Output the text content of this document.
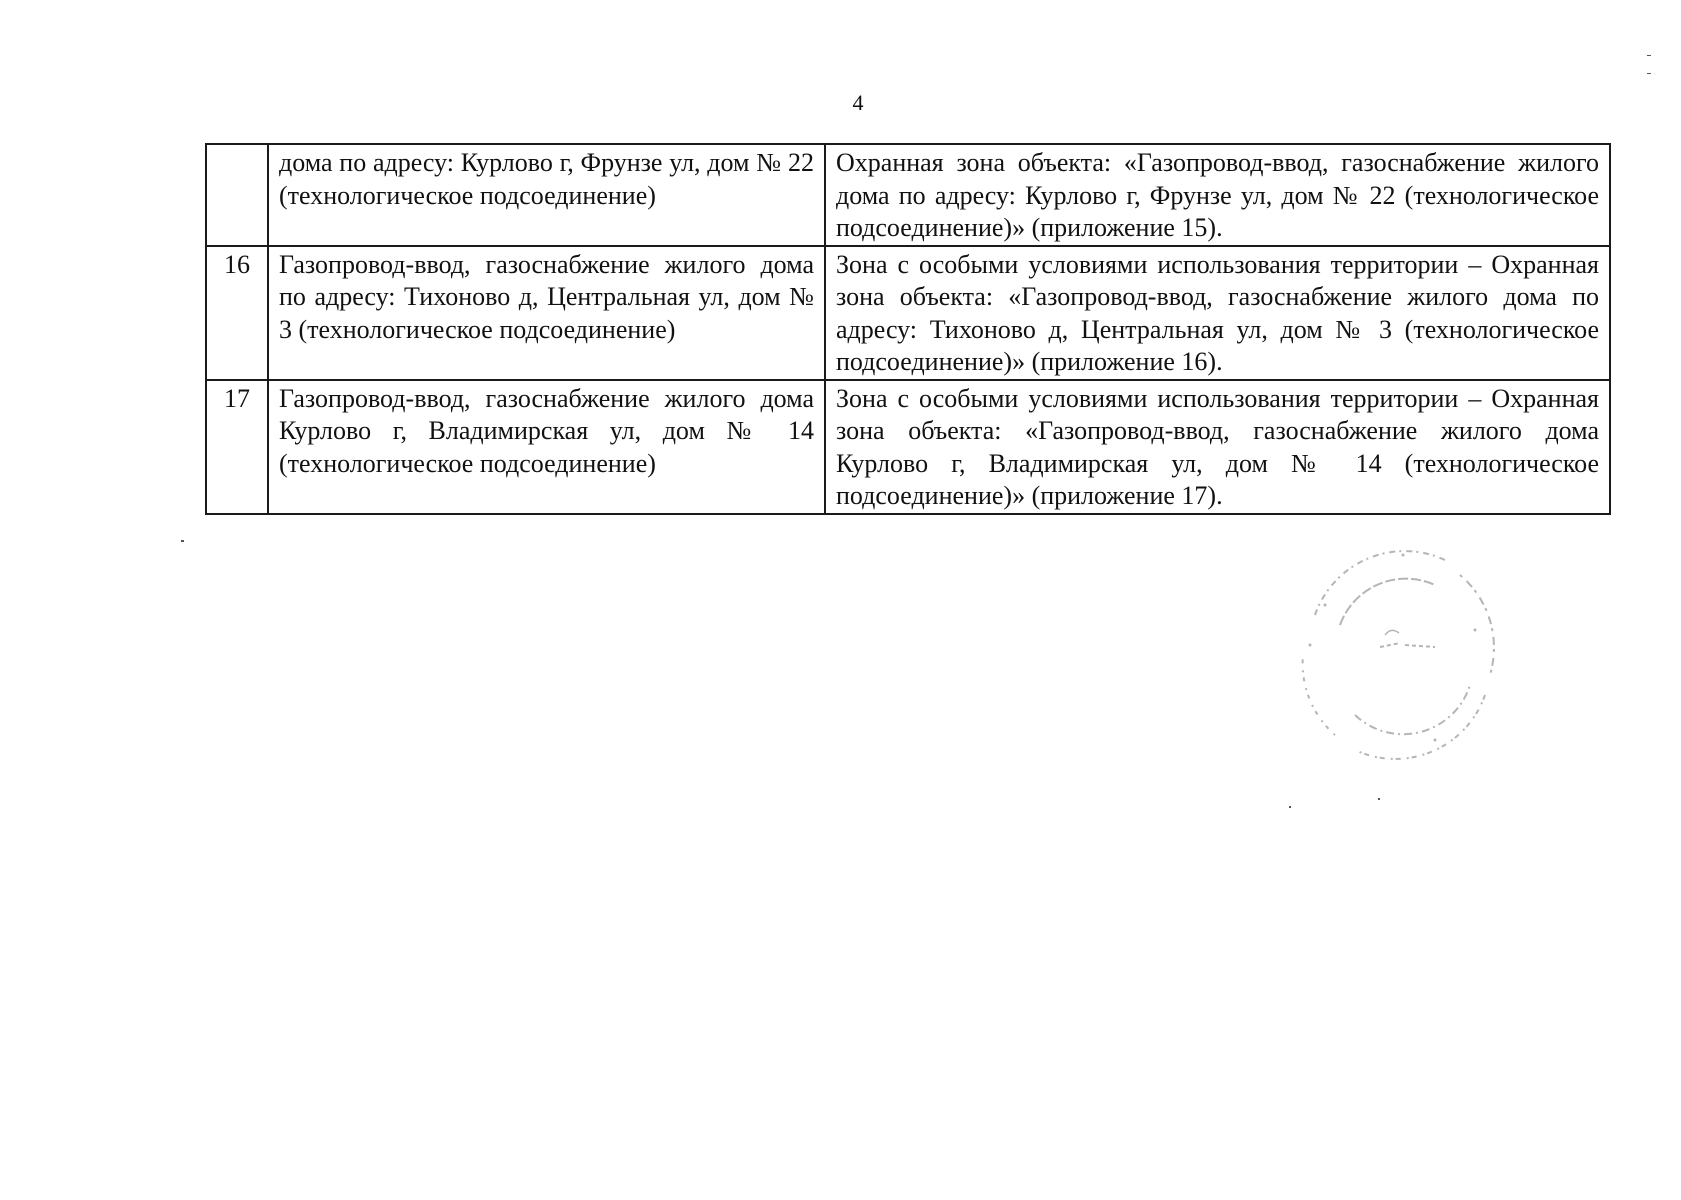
4
	дома по адресу: Курлово г, Фрунзе ул, дом № 22 (технологическое подсоединение)	Охранная зона объекта: «Газопровод-ввод, газоснабжение жилого дома по адресу: Курлово г, Фрунзе ул, дом № 22 (технологическое подсоединение)» (приложение 15).
16	Газопровод-ввод, газоснабжение жилого дома по адресу: Тихоново д, Центральная ул, дом № 3 (технологическое подсоединение)	Зона с особыми условиями использования территории – Охранная зона объекта: «Газопровод-ввод, газоснабжение жилого дома по адресу: Тихоново д, Центральная ул, дом № 3 (технологическое подсоединение)» (приложение 16).
17	Газопровод-ввод, газоснабжение жилого дома Курлово г, Владимирская ул, дом № 14 (технологическое подсоединение)	Зона с особыми условиями использования территории – Охранная зона объекта: «Газопровод-ввод, газоснабжение жилого дома Курлово г, Владимирская ул, дом № 14 (технологическое подсоединение)» (приложение 17).
